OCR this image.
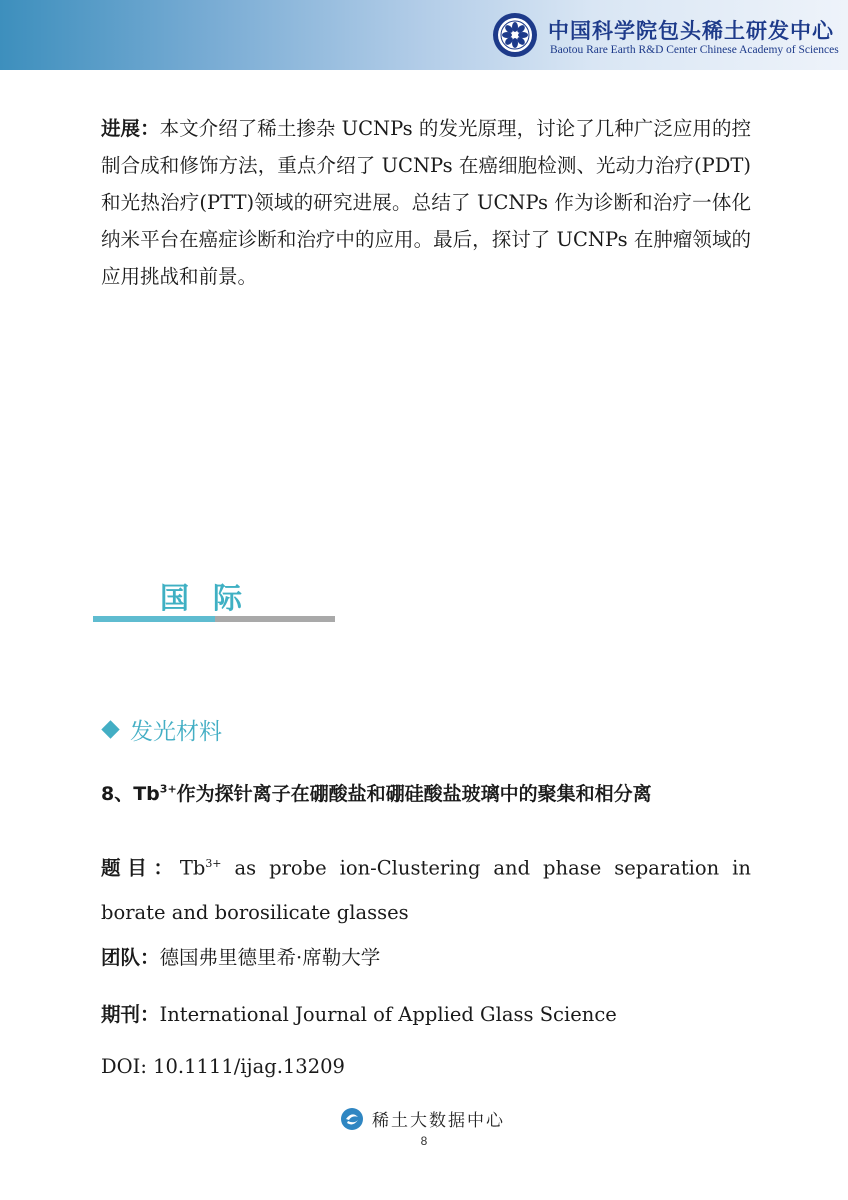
中国科学院包头稀土研发中心
Baotou Rare Earth R&D Center Chinese Academy of Sciences
进展：本文介绍了稀土掺杂 UCNPs 的发光原理，讨论了几种广泛应用的控制合成和修饰方法，重点介绍了 UCNPs 在癌细胞检测、光动力治疗(PDT)和光热治疗(PTT)领域的研究进展。总结了 UCNPs 作为诊断和治疗一体化纳米平台在癌症诊断和治疗中的应用。最后，探讨了 UCNPs 在肿瘤领域的应用挑战和前景。
国际
发光材料
8、$Tb^{3+}$作为探针离子在硼酸盐和硼硅酸盐玻璃中的聚集和相分离
题目：$Tb^{3+}$ as probe ion-Clustering and phase separation in borate and borosilicate glasses
团队：德国弗里德里希·席勒大学
期刊：International Journal of Applied Glass Science
DOI: 10.1111/ijag.13209
稀土大数据中心
8
